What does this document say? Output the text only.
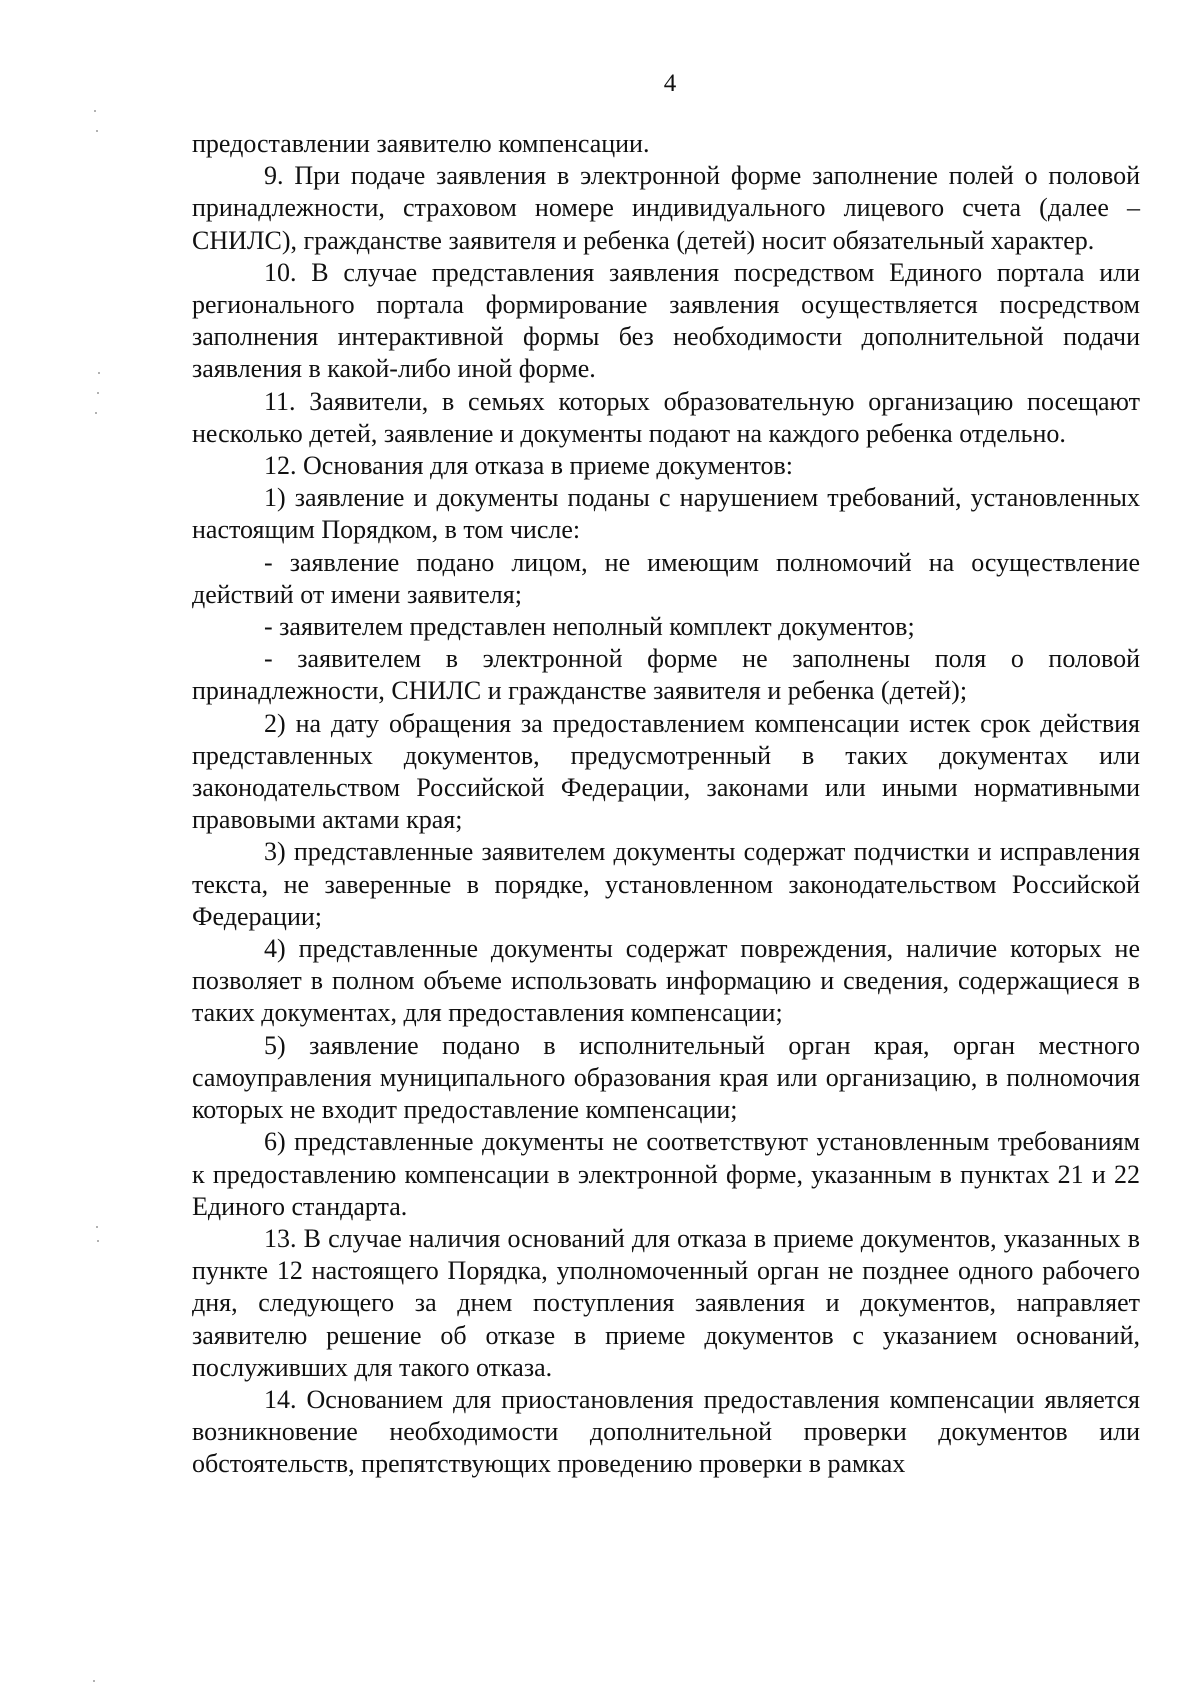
4

предоставлении заявителю компенсации.

9. При подаче заявления в электронной форме заполнение полей о половой принадлежности, страховом номере индивидуального лицевого счета (далее – СНИЛС), гражданстве заявителя и ребенка (детей) носит обязательный характер.

10. В случае представления заявления посредством Единого портала или регионального портала формирование заявления осуществляется посредством заполнения интерактивной формы без необходимости дополнительной подачи заявления в какой-либо иной форме.

11. Заявители, в семьях которых образовательную организацию посещают несколько детей, заявление и документы подают на каждого ребенка отдельно.

12. Основания для отказа в приеме документов:

1) заявление и документы поданы с нарушением требований, установленных настоящим Порядком, в том числе:

- заявление подано лицом, не имеющим полномочий на осуществление действий от имени заявителя;

- заявителем представлен неполный комплект документов;

- заявителем в электронной форме не заполнены поля о половой принадлежности, СНИЛС и гражданстве заявителя и ребенка (детей);

2) на дату обращения за предоставлением компенсации истек срок действия представленных документов, предусмотренный в таких документах или законодательством Российской Федерации, законами или иными нормативными правовыми актами края;

3) представленные заявителем документы содержат подчистки и исправления текста, не заверенные в порядке, установленном законодательством Российской Федерации;

4) представленные документы содержат повреждения, наличие которых не позволяет в полном объеме использовать информацию и сведения, содержащиеся в таких документах, для предоставления компенсации;

5) заявление подано в исполнительный орган края, орган местного самоуправления муниципального образования края или организацию, в полномочия которых не входит предоставление компенсации;

6) представленные документы не соответствуют установленным требованиям к предоставлению компенсации в электронной форме, указанным в пунктах 21 и 22 Единого стандарта.

13. В случае наличия оснований для отказа в приеме документов, указанных в пункте 12 настоящего Порядка, уполномоченный орган не позднее одного рабочего дня, следующего за днем поступления заявления и документов, направляет заявителю решение об отказе в приеме документов с указанием оснований, послуживших для такого отказа.

14. Основанием для приостановления предоставления компенсации является возникновение необходимости дополнительной проверки документов или обстоятельств, препятствующих проведению проверки в рамках
